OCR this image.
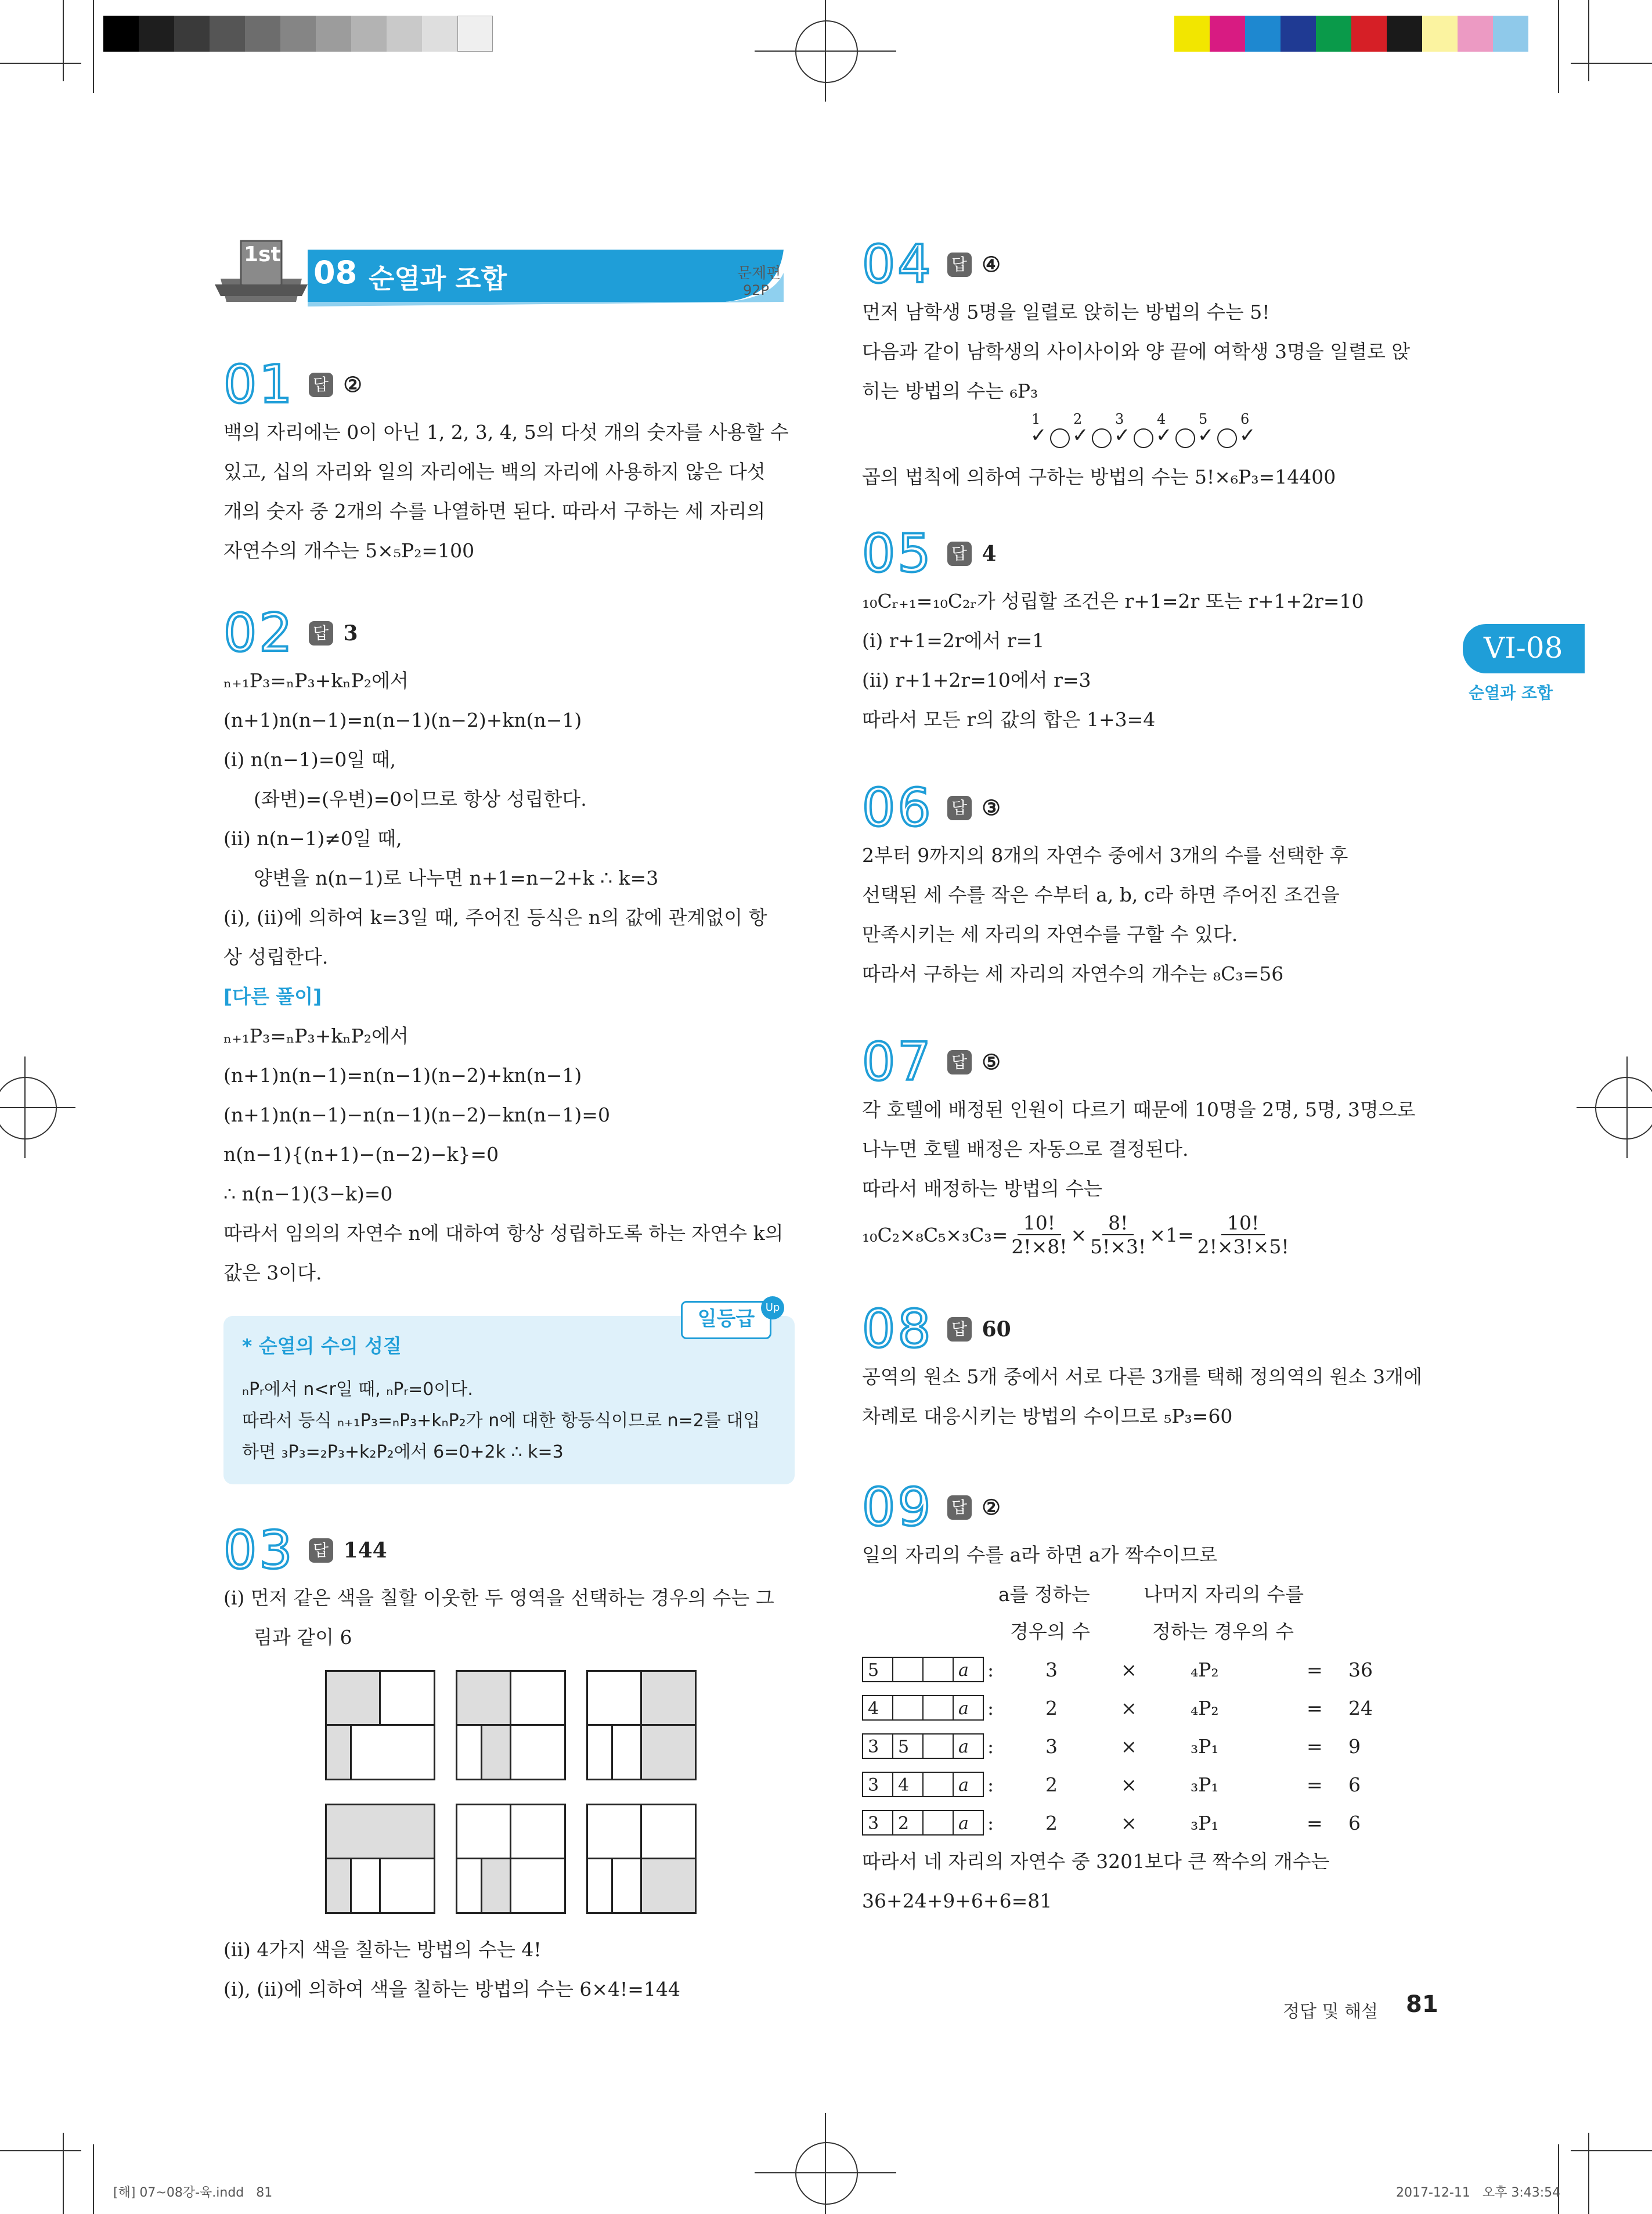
1st 08 순열과 조합	문제편
92P
VI-08
순열과 조합
01 답 ②
백의 자리에는 0이 아닌 1, 2, 3, 4, 5의 다섯 개의 숫자를 사용할 수
있고, 십의 자리와 일의 자리에는 백의 자리에 사용하지 않은 다섯
개의 숫자 중 2개의 수를 나열하면 된다. 따라서 구하는 세 자리의
자연수의 개수는 5×₅P₂=100
02 답 3
ₙ₊₁P₃=ₙP₃+kₙP₂에서
(n+1)n(n−1)=n(n−1)(n−2)+kn(n−1)
(ⅰ) n(n−1)=0일 때,
(좌변)=(우변)=0이므로 항상 성립한다.
(ⅱ) n(n−1)≠0일 때,
양변을 n(n−1)로 나누면 n+1=n−2+k ∴ k=3
(ⅰ), (ⅱ)에 의하여 k=3일 때, 주어진 등식은 n의 값에 관계없이 항
상 성립한다.
[다른 풀이]
ₙ₊₁P₃=ₙP₃+kₙP₂에서
(n+1)n(n−1)=n(n−1)(n−2)+kn(n−1)
(n+1)n(n−1)−n(n−1)(n−2)−kn(n−1)=0
n(n−1){(n+1)−(n−2)−k}=0
∴ n(n−1)(3−k)=0
따라서 임의의 자연수 n에 대하여 항상 성립하도록 하는 자연수 k의
값은 3이다.
* 순열의 수의 성질
일등급	Up
ₙPᵣ에서 n<r일 때, ₙPᵣ=0이다.
따라서 등식 ₙ₊₁P₃=ₙP₃+kₙP₂가 n에 대한 항등식이므로 n=2를 대입
하면 ₃P₃=₂P₃+k₂P₂에서 6=0+2k ∴ k=3
03 답 144
(ⅰ) 먼저 같은 색을 칠할 이웃한 두 영역을 선택하는 경우의 수는 그
림과 같이 6
(ⅱ) 4가지 색을 칠하는 방법의 수는 4!
(ⅰ), (ⅱ)에 의하여 색을 칠하는 방법의 수는 6×4!=144
04 답 ④
먼저 남학생 5명을 일렬로 앉히는 방법의 수는 5!
다음과 같이 남학생의 사이사이와 양 끝에 여학생 3명을 일렬로 앉
히는 방법의 수는 ₆P₃
1
✓
2
✓
3
✓
4
✓
5
✓
6
✓
곱의 법칙에 의하여 구하는 방법의 수는 5!×₆P₃=14400
05 답 4
₁₀Cᵣ₊₁=₁₀C₂ᵣ가 성립할 조건은 r+1=2r 또는 r+1+2r=10
(ⅰ) r+1=2r에서 r=1
(ⅱ) r+1+2r=10에서 r=3
따라서 모든 r의 값의 합은 1+3=4
06 답 ③
2부터 9까지의 8개의 자연수 중에서 3개의 수를 선택한 후
선택된 세 수를 작은 수부터 a, b, c라 하면 주어진 조건을
만족시키는 세 자리의 자연수를 구할 수 있다.
따라서 구하는 세 자리의 자연수의 개수는 ₈C₃=56
07 답 ⑤
각 호텔에 배정된 인원이 다르기 때문에 10명을 2명, 5명, 3명으로
나누면 호텔 배정은 자동으로 결정된다.
따라서 배정하는 방법의 수는
$_{10}C_2\times_8C_5\times_3C_3= \frac{10!}{2!\times 8!} \times \frac{8!}{5!\times 3!} \times 1= \frac{10!}{2!\times 3!\times 5!}$
08 답 60
공역의 원소 5개 중에서 서로 다른 3개를 택해 정의역의 원소 3개에
차례로 대응시키는 방법의 수이므로 ₅P₃=60
09 답 ②
일의 자리의 수를 a라 하면 a가 짝수이므로
a를 정하는
경우의 수
나머지 자리의 수를
정하는 경우의 수
5	a :	3	×	₄P₂	=	36
4	a :	2	×	₄P₂	=	24
3	5	a :	3	×	₃P₁	=	9
3	4	a :	2	×	₃P₁	=	6
3	2	a :	2	×	₃P₁	=	6
따라서 네 자리의 자연수 중 3201보다 큰 짝수의 개수는
36+24+9+6+6=81
정답 및 해설 81
[해] 07~08강-육.indd   81	2017-12-11   오후 3:43:54
